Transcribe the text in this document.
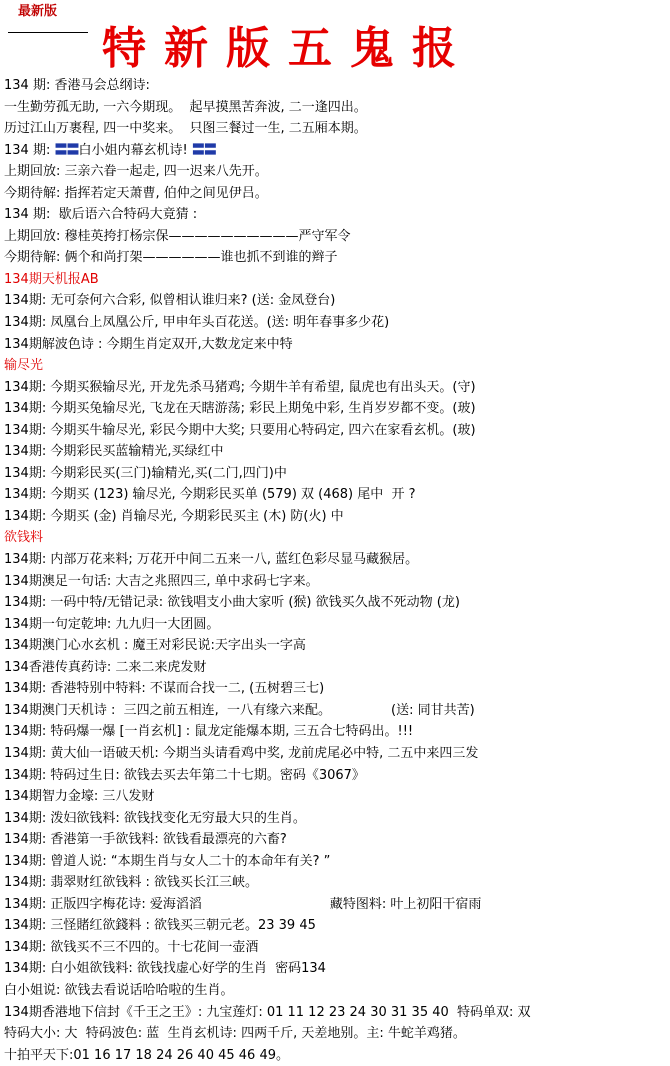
最新版
特新版五鬼报
134 期: 香港马会总纲诗:
一生勤劳孤无助, 一六今期现。  起早摸黑苦奔波, 二一逢四出。
历过江山万裹程, 四一中奖来。  只图三餐过一生, 二五厢本期。
134 期: 〓〓白小姐内幕玄机诗! 〓〓
上期回放: 三亲六眷一起走, 四一迟来八先开。
今期待解: 指挥若定天萧曹, 伯仲之间见伊吕。
134 期:  歇后语六合特码大竟猜 :
上期回放: 穆桂英挎打杨宗保——————————严守军令
今期待解: 俩个和尚打架——————谁也抓不到谁的辫子
134期天机报AB
134期: 无可奈何六合彩, 似曾相认谁归来? (送: 金凤登台)
134期: 凤凰台上凤凰公斤, 甲申年头百花送。(送: 明年春事多少花)
134期解波色诗 : 今期生肖定双开,大数龙定来中特
输尽光
134期: 今期买猴输尽光, 开龙先杀马猪鸡; 今期牛羊有希望, 鼠虎也有出头天。(守)
134期: 今期买兔输尽光, 飞龙在天瞎游荡; 彩民上期兔中彩, 生肖岁岁都不变。(玻)
134期: 今期买牛输尽光, 彩民今期中大奖; 只要用心特码定, 四六在家看玄机。(玻)
134期: 今期彩民买蓝输精光,买绿红中
134期: 今期彩民买(三门)输精光,买(二门,四门)中
134期: 今期买 (123) 输尽光, 今期彩民买单 (579) 双 (468) 尾中  开 ?
134期: 今期买 (金) 肖输尽光, 今期彩民买主 (木) 防(火) 中
欲钱料
134期: 内部万花来料; 万花开中间二五来一八, 蓝红色彩尽显马藏猴居。
134期澳足一句话: 大吉之兆照四三, 单中求码七字来。
134期: 一码中特/无错记录: 欲钱唱支小曲大家听 (猴) 欲钱买久战不死动物 (龙)
134期一句定乾坤: 九九归一大团圆。
134期澳门心水玄机 : 魔王对彩民说:天字出头一字高
134香港传真药诗: 二来二来虎发财
134期: 香港特别中特料: 不谋而合找一二, (五树碧三七)
134期澳门天机诗 :  三四之前五相连,  一八有缘六来配。	(送: 同甘共苦)
134期: 特码爆一爆 [一肖玄机] : 鼠龙定能爆本期, 三五合七特码出。!!!
134期: 黄大仙一语破天机: 今期当头请看鸡中奖, 龙前虎尾必中特, 二五中来四三发
134期: 特码过生日: 欲钱去买去年第二十七期。密码《3067》
134期智力金壕: 三八发财
134期: 泼妇欲钱料: 欲钱找变化无穷最大只的生肖。
134期: 香港第一手欲钱料: 欲钱看最漂亮的六畜?
134期: 曾道人说: “本期生肖与女人二十的本命年有关? ”
134期: 翡翠财红欲钱料 : 欲钱买长江三峡。
134期: 正版四字梅花诗: 爱海滔滔	藏特图料: 叶上初阳干宿雨
134期: 三怪賭红欲錢料 : 欲钱买三朝元老。23 39 45
134期: 欲钱买不三不四的。十七花间一壶酒
134期: 白小姐欲钱料: 欲钱找虚心好学的生肖  密码134
白小姐说: 欲钱去看说话哈哈啦的生肖。
134期香港地下信封《千王之王》: 九宝莲灯: 01 11 12 23 24 30 31 35 40  特码单双: 双
特码大小: 大  特码波色: 蓝  生肖玄机诗: 四两千斤, 天差地别。主: 牛蛇羊鸡猪。
十拍平天下:01 16 17 18 24 26 40 45 46 49。
